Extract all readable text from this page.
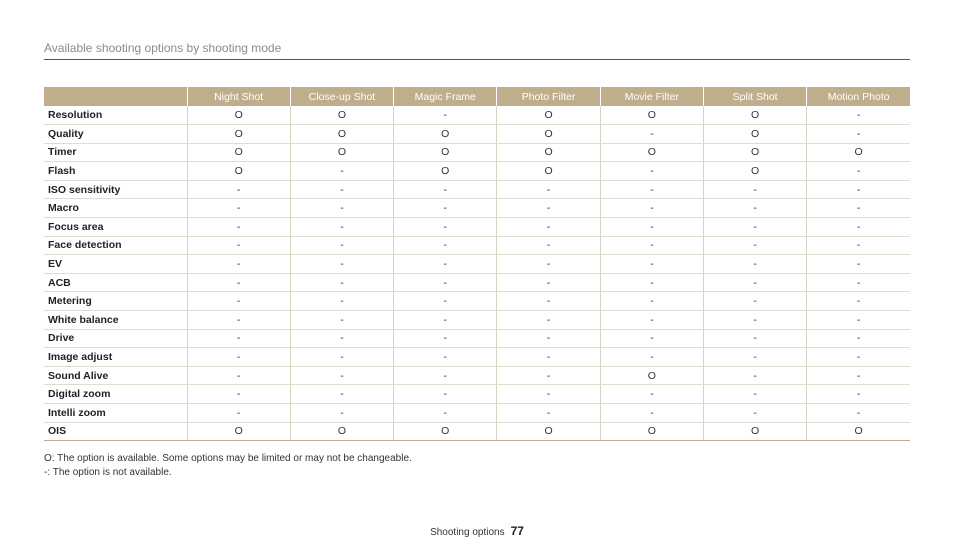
Available shooting options by shooting mode
	Night Shot	Close-up Shot	Magic Frame	Photo Filter	Movie Filter	Split Shot	Motion Photo
Resolution	O	O	-	O	O	O	-
Quality	O	O	O	O	-	O	-
Timer	O	O	O	O	O	O	O
Flash	O	-	O	O	-	O	-
ISO sensitivity	-	-	-	-	-	-	-
Macro	-	-	-	-	-	-	-
Focus area	-	-	-	-	-	-	-
Face detection	-	-	-	-	-	-	-
EV	-	-	-	-	-	-	-
ACB	-	-	-	-	-	-	-
Metering	-	-	-	-	-	-	-
White balance	-	-	-	-	-	-	-
Drive	-	-	-	-	-	-	-
Image adjust	-	-	-	-	-	-	-
Sound Alive	-	-	-	-	O	-	-
Digital zoom	-	-	-	-	-	-	-
Intelli zoom	-	-	-	-	-	-	-
OIS	O	O	O	O	O	O	O
O: The option is available. Some options may be limited or may not be changeable.
-: The option is not available.
Shooting options 77
